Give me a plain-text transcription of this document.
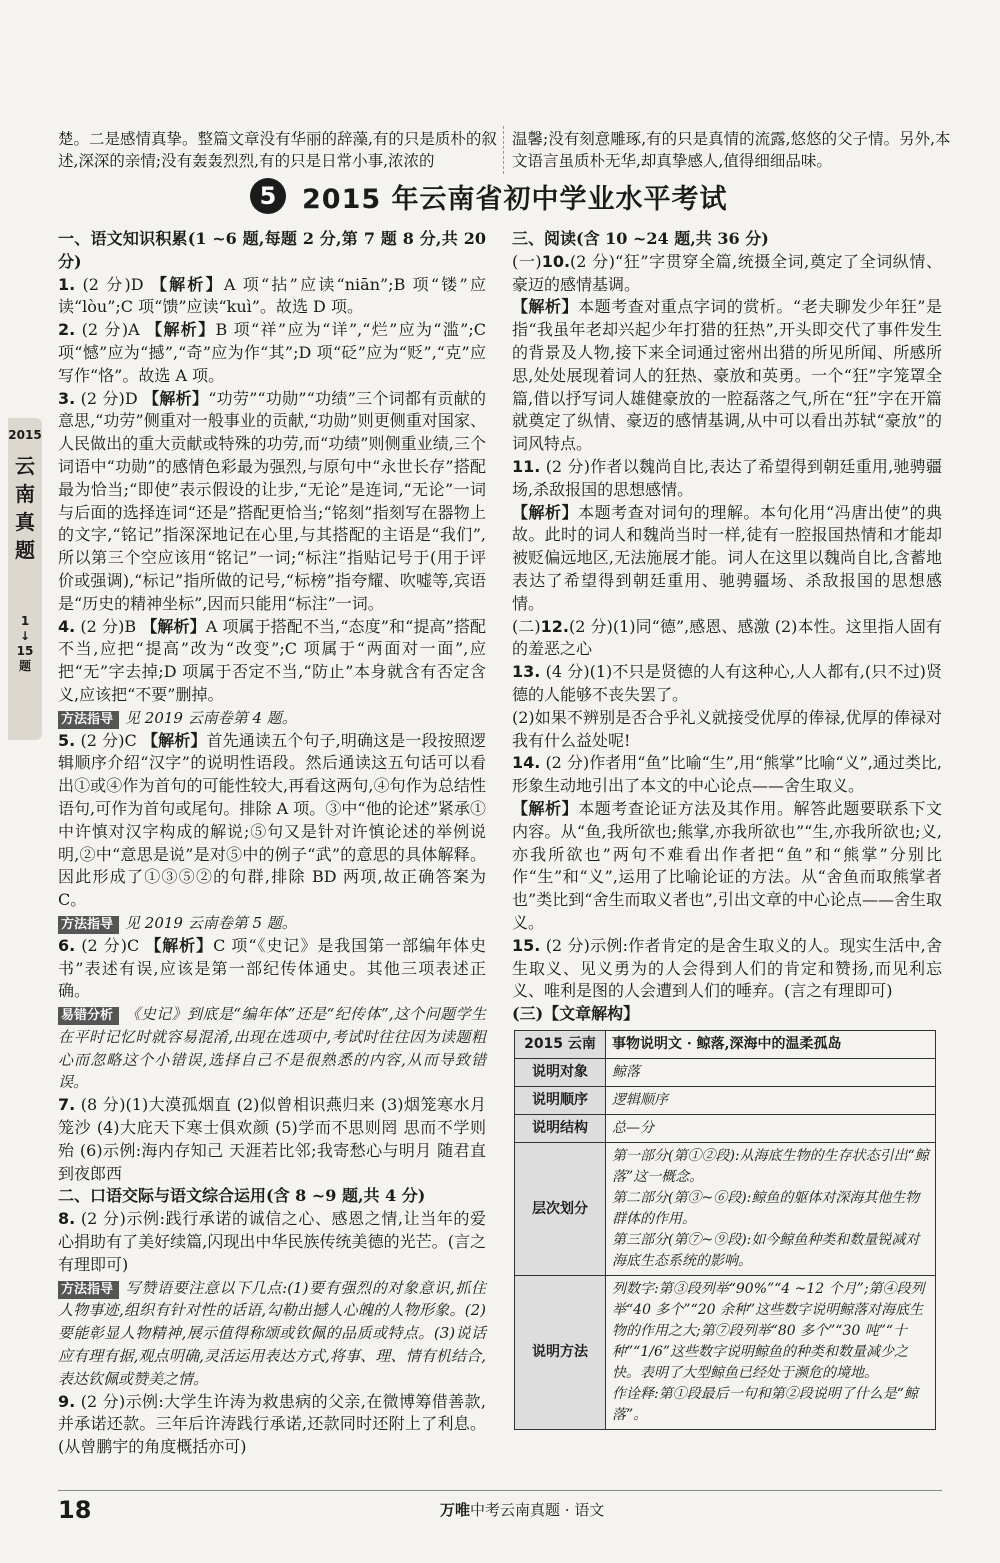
楚。二是感情真挚。整篇文章没有华丽的辞藻,有的只是质朴的叙述,深深的亲情;没有轰轰烈烈,有的只是日常小事,浓浓的
温馨;没有刻意雕琢,有的只是真情的流露,悠悠的父子情。另外,本文语言虽质朴无华,却真挚感人,值得细细品味。
5 2015 年云南省初中学业水平考试
2015
云
南
真
题
1
↓
15
题

一、语文知识积累(1 ~6 题,每题 2 分,第 7 题 8 分,共 20 分)

1. (2 分)D 【解析】A 项“拈”应读“niān”;B 项“镂”应读“lòu”;C 项“馈”应读“kuì”。故选 D 项。

2. (2 分)A 【解析】B 项“祥”应为“详”,“烂”应为“滥”;C 项“憾”应为“撼”,“奇”应为作“其”;D 项“砭”应为“贬”,“克”应写作“恪”。故选 A 项。

3. (2 分)D 【解析】“功劳”“功勋”“功绩”三个词都有贡献的意思,“功劳”侧重对一般事业的贡献,“功勋”则更侧重对国家、人民做出的重大贡献或特殊的功劳,而“功绩”则侧重业绩,三个词语中“功勋”的感情色彩最为强烈,与原句中“永世长存”搭配最为恰当;“即使”表示假设的让步,“无论”是连词,“无论”一词与后面的选择连词“还是”搭配更恰当;“铭刻”指刻写在器物上的文字,“铭记”指深深地记在心里,与其搭配的主语是“我们”,所以第三个空应该用“铭记”一词;“标注”指贴记号于(用于评价或强调),“标记”指所做的记号,“标榜”指夸耀、吹嘘等,宾语是“历史的精神坐标”,因而只能用“标注”一词。

4. (2 分)B 【解析】A 项属于搭配不当,“态度”和“提高”搭配不当,应把“提高”改为“改变”;C 项属于“两面对一面”,应把“无”字去掉;D 项属于否定不当,“防止”本身就含有否定含义,应该把“不要”删掉。

方法指导 见 2019 云南卷第 4 题。

5. (2 分)C 【解析】首先通读五个句子,明确这是一段按照逻辑顺序介绍“汉字”的说明性语段。然后通读这五句话可以看出①或④作为首句的可能性较大,再看这两句,④句作为总结性语句,可作为首句或尾句。排除 A 项。③中“他的论述”紧承①中许慎对汉字构成的解说;⑤句又是针对许慎论述的举例说明,②中“意思是说”是对⑤中的例子“武”的意思的具体解释。因此形成了①③⑤②的句群,排除 BD 两项,故正确答案为 C。

方法指导 见 2019 云南卷第 5 题。

6. (2 分)C 【解析】C 项“《史记》是我国第一部编年体史书”表述有误,应该是第一部纪传体通史。其他三项表述正确。

易错分析 《史记》到底是“编年体”还是“纪传体”,这个问题学生在平时记忆时就容易混淆,出现在选项中,考试时往往因为读题粗心而忽略这个小错误,选择自己不是很熟悉的内容,从而导致错误。

7. (8 分)(1)大漠孤烟直 (2)似曾相识燕归来 (3)烟笼寒水月笼沙 (4)大庇天下寒士俱欢颜 (5)学而不思则罔 思而不学则殆 (6)示例:海内存知己 天涯若比邻;我寄愁心与明月 随君直到夜郎西

二、口语交际与语文综合运用(含 8 ~9 题,共 4 分)

8. (2 分)示例:践行承诺的诚信之心、感恩之情,让当年的爱心捐助有了美好续篇,闪现出中华民族传统美德的光芒。(言之有理即可)

方法指导 写赞语要注意以下几点:(1)要有强烈的对象意识,抓住人物事迹,组织有针对性的话语,勾勒出撼人心魄的人物形象。(2)要能彰显人物精神,展示值得称颂或钦佩的品质或特点。(3)说话应有理有据,观点明确,灵活运用表达方式,将事、理、情有机结合,表达钦佩或赞美之情。

9. (2 分)示例:大学生许涛为救患病的父亲,在微博筹借善款,并承诺还款。三年后许涛践行承诺,还款同时还附上了利息。(从曾鹏宇的角度概括亦可)

三、阅读(含 10 ~24 题,共 36 分)

(一)10.(2 分)“狂”字贯穿全篇,统摄全词,奠定了全词纵情、豪迈的感情基调。

【解析】本题考查对重点字词的赏析。“老夫聊发少年狂”是指“我虽年老却兴起少年打猎的狂热”,开头即交代了事件发生的背景及人物,接下来全词通过密州出猎的所见所闻、所感所思,处处展现着词人的狂热、豪放和英勇。一个“狂”字笼罩全篇,借以抒写词人雄健豪放的一腔磊落之气,所在“狂”字在开篇就奠定了纵情、豪迈的感情基调,从中可以看出苏轼“豪放”的词风特点。

11. (2 分)作者以魏尚自比,表达了希望得到朝廷重用,驰骋疆场,杀敌报国的思想感情。

【解析】本题考查对词句的理解。本句化用“冯唐出使”的典故。此时的词人和魏尚当时一样,徒有一腔报国热情和才能却被贬偏远地区,无法施展才能。词人在这里以魏尚自比,含蓄地表达了希望得到朝廷重用、驰骋疆场、杀敌报国的思想感情。

(二)12.(2 分)(1)同“德”,感恩、感激 (2)本性。这里指人固有的羞恶之心

13. (4 分)(1)不只是贤德的人有这种心,人人都有,(只不过)贤德的人能够不丧失罢了。

(2)如果不辨别是否合乎礼义就接受优厚的俸禄,优厚的俸禄对我有什么益处呢!

14. (2 分)作者用“鱼”比喻“生”,用“熊掌”比喻“义”,通过类比,形象生动地引出了本文的中心论点——舍生取义。

【解析】本题考查论证方法及其作用。解答此题要联系下文内容。从“鱼,我所欲也;熊掌,亦我所欲也”“生,亦我所欲也;义,亦我所欲也”两句不难看出作者把“鱼”和“熊掌”分别比作“生”和“义”,运用了比喻论证的方法。从“舍鱼而取熊掌者也”类比到“舍生而取义者也”,引出文章的中心论点——舍生取义。

15. (2 分)示例:作者肯定的是舍生取义的人。现实生活中,舍生取义、见义勇为的人会得到人们的肯定和赞扬,而见利忘义、唯利是图的人会遭到人们的唾弃。(言之有理即可)

(三)【文章解构】

2015 云南	事物说明文 · 鲸落,深海中的温柔孤岛
说明对象	鲸落
说明顺序	逻辑顺序
说明结构	总—分
层次划分	第一部分(第①②段):从海底生物的生存状态引出“鲸落”这一概念。
第二部分(第③~⑥段):鲸鱼的躯体对深海其他生物群体的作用。
第三部分(第⑦~⑨段):如今鲸鱼种类和数量锐减对海底生态系统的影响。

说明方法	列数字:第③段列举“90%”“4 ~12 个月”;第④段列举“40 多个”“20 余种”这些数字说明鲸落对海底生物的作用之大;第⑦段列举“80 多个”“30 吨”“十种”“1/6”这些数字说明鲸鱼的种类和数量减少之快。表明了大型鲸鱼已经处于濒危的境地。
作诠释:第①段最后一句和第②段说明了什么是“鲸落”。
18	万唯中考云南真题 · 语文
